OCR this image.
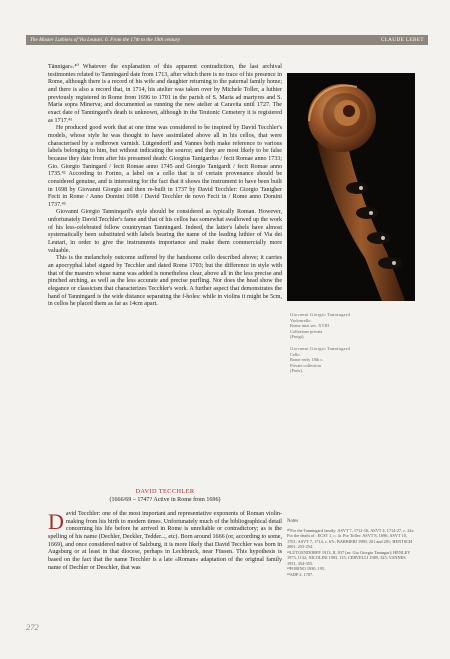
The Master Luthiers of Via Leutari. 6. From the 17th to the 19th century	CLAUDE LEBET

Tännigar».⁴⁰ Whatever the explanation of this apparent contradiction, the last archival testimonies related to Tanningard date from 1713, after which there is no trace of his presence in Rome, although there is a record of his wife and daughter returning to the paternal family home; and there is also a record that, in 1714, his atelier was taken over by Michele Toller, a luthier previously registered in Rome from 1696 to 1701 in the parish of S. Maria ad martyres and S. Maria sopra Minerva; and documented as running the new atelier at Caravita until 1727. The exact date of Tanningard's death is unknown, although in the Teutonic Cemetery it is registered as 1717.⁴¹

He produced good work that at one time was considered to be inspired by David Tecchler's models, whose style he was thought to have assimilated above all in his cellos, that were characterised by a redbrown varnish. Lütgendorff and Vannes both make reference to various labels belonging to him, but without indicating the source; and they are most likely to be false because they date from after his presumed death: Giorgius Tanigardus / fecit Romae anno 1733; Gio. Giorgio Taningard / fecit Romae anno 1745 and Giorgio Tanigardi / fecit Romae anno 1735.⁴² According to Forino, a label on a cello that is of certain provenance should be considered genuine, and is interesting for the fact that it shows the instrument to have been built in 1698 by Giovanni Giorgio and then re-built in 1737 by David Tecchler: Giorgio Tanigher Fecit in Rome / Anno Domini 1698 / David Tecchler de novo Fecit in / Rome anno Domini 1737.⁴³

Giovanni Giorgio Tanninqard's style should be considered as typically Roman. However, unfortunately David Tecchler's fame and that of his cellos has somewhat swallowed up the work of his less-celebrated fellow countryman Tanningard. Indeed, the latter's labels have almost systematically been substituted with labels bearing the name of the leading luthier of Via dei Leutari, in order to give the instruments importance and make them commercially more valuable.

This is the melancholy outcome suffered by the handsome cello described above; it carries an apocryphal label signed by Tecchler and dated Rome 1703; but the difference in style with that of the maestro whose name was added is nonetheless clear, above all in the less precise and pinched arching, as well as the less accurate and precise purfling. Nor does the head show the elegance or classicism that characterizes Tecchler's work. A further aspect that demonstrates the hand of Tanningard is the wide distance separating the f-holes: while in violins it might be 5cm, in cellos he placed them as far as 14cm apart.

Giovanni Giorgio Tanningard
Violoncello.
Roma inizi sec. XVIII
Collezione privata
(Parigi).
Giovanni Giorgio Tanningard
Cello.
Rome early 18th c.
Private collection
(Paris).
DAVID TECCHLER
(1666/69 – 1747? Active in Rome from 1696)

D avid Tecchler: one of the most important and representative exponents of Roman violin-making from his birth to modern times. Unfortunately much of the bibliographical detail concerning his life before he arrived in Rome is unreliable or contradictory; as is the spelling of his name (Dechler, Deckler, Tedder..., etc). Born around 1666 (or, according to some, 1669), and once considered native of Salzburg, it is more likely that David Tecchler was born in Augsburg or at least in that diocese, perhaps in Lechbruck, near Füssen. This hypothesis is based on the fact that the name Tecchler is a late «Roman» adaptation of the original family name of Dechler or Deschler, that was

Notes

⁴⁰For the Tanningard family: ASVT 7, 1712-16; ASVT 4, 1714-27, c. 24v. For the death of : ECST 1, c. 4r. For Toller: ASVT 8, 1696; ASVT 10, 1701; ASVT 7, 1714, c. 67r; BARBIERI 1989, 201 and 201; HENTSCH 2001, 253-254.

⁴¹LÜTGENDORFF 1913, II, 837 [as: Gio Giorgio Taningar]; HENLEY 1973, 1132; NICOLINI 1993, 115; CERVELLI 1989, 325; VANNES 1951, 354-355.

⁴²FORINO 1930, 195.

⁴³ADP 2, 1707.

272
